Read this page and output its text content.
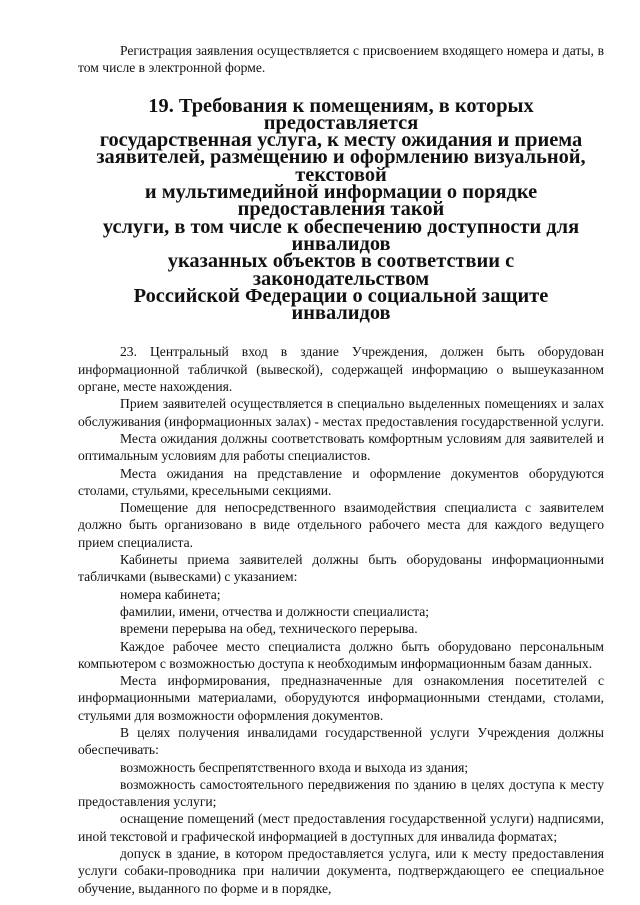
Регистрация заявления осуществляется с присвоением входящего номера и даты, в том числе в электронной форме.

19. Требования к помещениям, в которых предоставляется
государственная услуга, к месту ожидания и приема
заявителей, размещению и оформлению визуальной, текстовой
и мультимедийной информации о порядке предоставления такой
услуги, в том числе к обеспечению доступности для инвалидов
указанных объектов в соответствии с законодательством
Российской Федерации о социальной защите инвалидов

23. Центральный вход в здание Учреждения, должен быть оборудован информационной табличкой (вывеской), содержащей информацию о вышеуказанном органе, месте нахождения.

Прием заявителей осуществляется в специально выделенных помещениях и залах обслуживания (информационных залах) - местах предоставления государственной услуги.

Места ожидания должны соответствовать комфортным условиям для заявителей и оптимальным условиям для работы специалистов.

Места ожидания на представление и оформление документов оборудуются столами, стульями, кресельными секциями.

Помещение для непосредственного взаимодействия специалиста с заявителем должно быть организовано в виде отдельного рабочего места для каждого ведущего прием специалиста.

Кабинеты приема заявителей должны быть оборудованы информационными табличками (вывесками) с указанием:

номера кабинета;

фамилии, имени, отчества и должности специалиста;

времени перерыва на обед, технического перерыва.

Каждое рабочее место специалиста должно быть оборудовано персональным компьютером с возможностью доступа к необходимым информационным базам данных.

Места информирования, предназначенные для ознакомления посетителей с информационными материалами, оборудуются информационными стендами, столами, стульями для возможности оформления документов.

В целях получения инвалидами государственной услуги Учреждения должны обеспечивать:

возможность беспрепятственного входа и выхода из здания;

возможность самостоятельного передвижения по зданию в целях доступа к месту предоставления услуги;

оснащение помещений (мест предоставления государственной услуги) надписями, иной текстовой и графической информацией в доступных для инвалида форматах;

допуск в здание, в котором предоставляется услуга, или к месту предоставления услуги собаки-проводника при наличии документа, подтверждающего ее специальное обучение, выданного по форме и в порядке,
